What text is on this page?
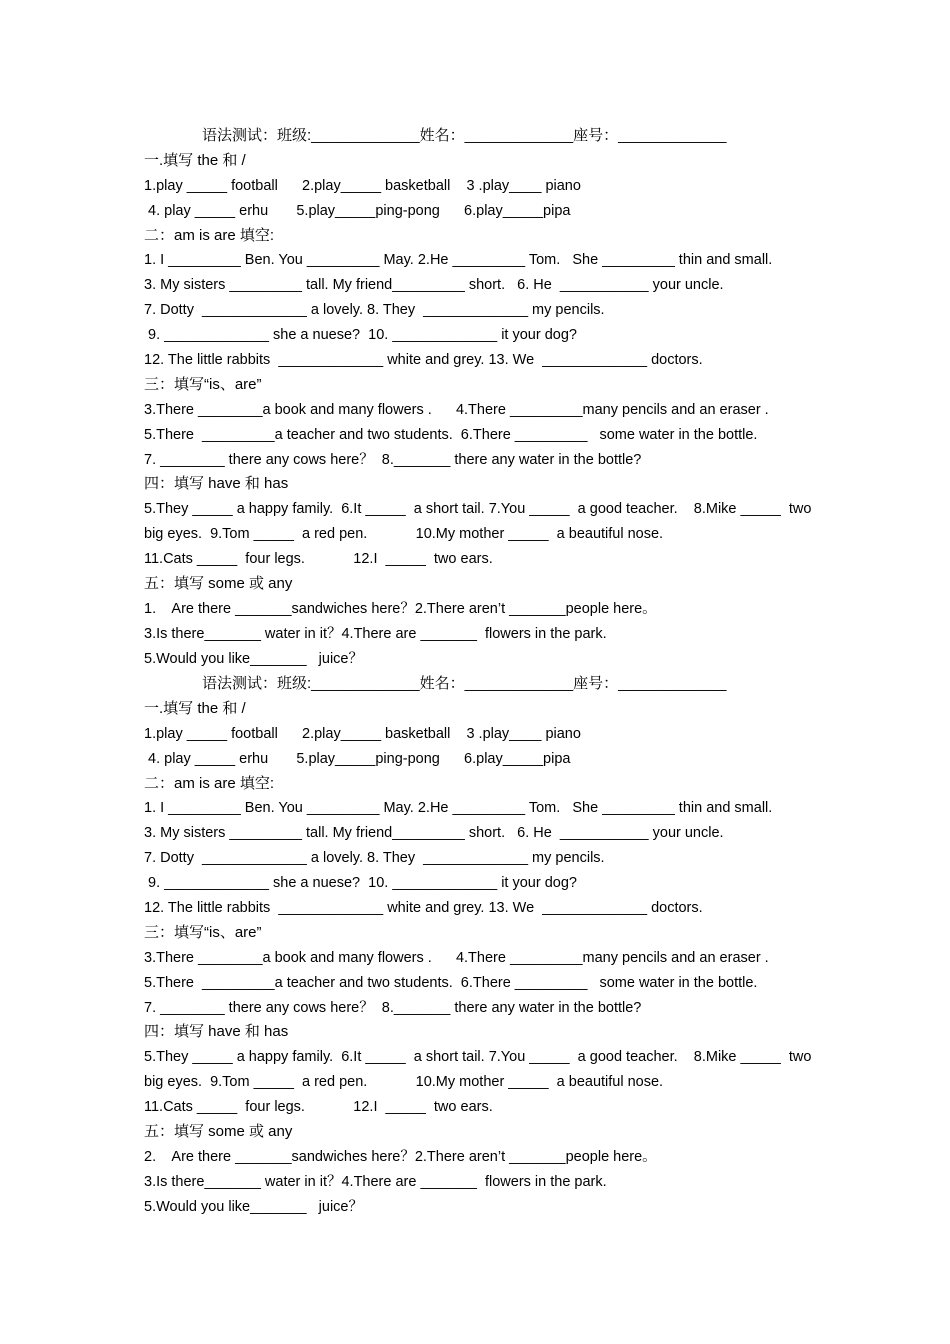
语法测试：班级:_____________姓名：_____________座号：_____________
一.填写 the 和 /
1.play _____ football      2.play_____ basketball    3 .play____ piano
4. play _____ erhu       5.play_____ping-pong      6.play_____pipa
二：am is are 填空:
1. I _________ Ben. You _________ May. 2.He _________ Tom.   She _________ thin and small.
3. My sisters _________ tall. My friend_________ short.   6. He  ___________ your uncle.
7. Dotty  _____________ a lovely. 8. They  _____________ my pencils.
9. _____________ she a nuese?  10. _____________ it your dog?
12. The little rabbits  _____________ white and grey. 13. We  _____________ doctors.
三：填写“is、are”
3.There ________a book and many flowers .      4.There _________many pencils and an eraser .
5.There  _________a teacher and two students.  6.There _________   some water in the bottle.
7. ________ there any cows here？  8._______ there any water in the bottle?
四：填写 have 和 has
5.They _____ a happy family.  6.It _____  a short tail. 7.You _____  a good teacher.    8.Mike _____  two
big eyes.  9.Tom _____  a red pen.            10.My mother _____  a beautiful nose.
11.Cats _____  four legs.            12.I  _____  two ears.
五：填写 some 或 any
1.    Are there _______sandwiches here？2.There aren’t _______people here。
3.Is there_______ water in it？4.There are _______  flowers in the park.
5.Would you like_______   juice？
语法测试：班级:_____________姓名：_____________座号：_____________
一.填写 the 和 /
1.play _____ football      2.play_____ basketball    3 .play____ piano
4. play _____ erhu       5.play_____ping-pong      6.play_____pipa
二：am is are 填空:
1. I _________ Ben. You _________ May. 2.He _________ Tom.   She _________ thin and small.
3. My sisters _________ tall. My friend_________ short.   6. He  ___________ your uncle.
7. Dotty  _____________ a lovely. 8. They  _____________ my pencils.
9. _____________ she a nuese?  10. _____________ it your dog?
12. The little rabbits  _____________ white and grey. 13. We  _____________ doctors.
三：填写“is、are”
3.There ________a book and many flowers .      4.There _________many pencils and an eraser .
5.There  _________a teacher and two students.  6.There _________   some water in the bottle.
7. ________ there any cows here？  8._______ there any water in the bottle?
四：填写 have 和 has
5.They _____ a happy family.  6.It _____  a short tail. 7.You _____  a good teacher.    8.Mike _____  two
big eyes.  9.Tom _____  a red pen.            10.My mother _____  a beautiful nose.
11.Cats _____  four legs.            12.I  _____  two ears.
五：填写 some 或 any
2.    Are there _______sandwiches here？2.There aren’t _______people here。
3.Is there_______ water in it？4.There are _______  flowers in the park.
5.Would you like_______   juice？
